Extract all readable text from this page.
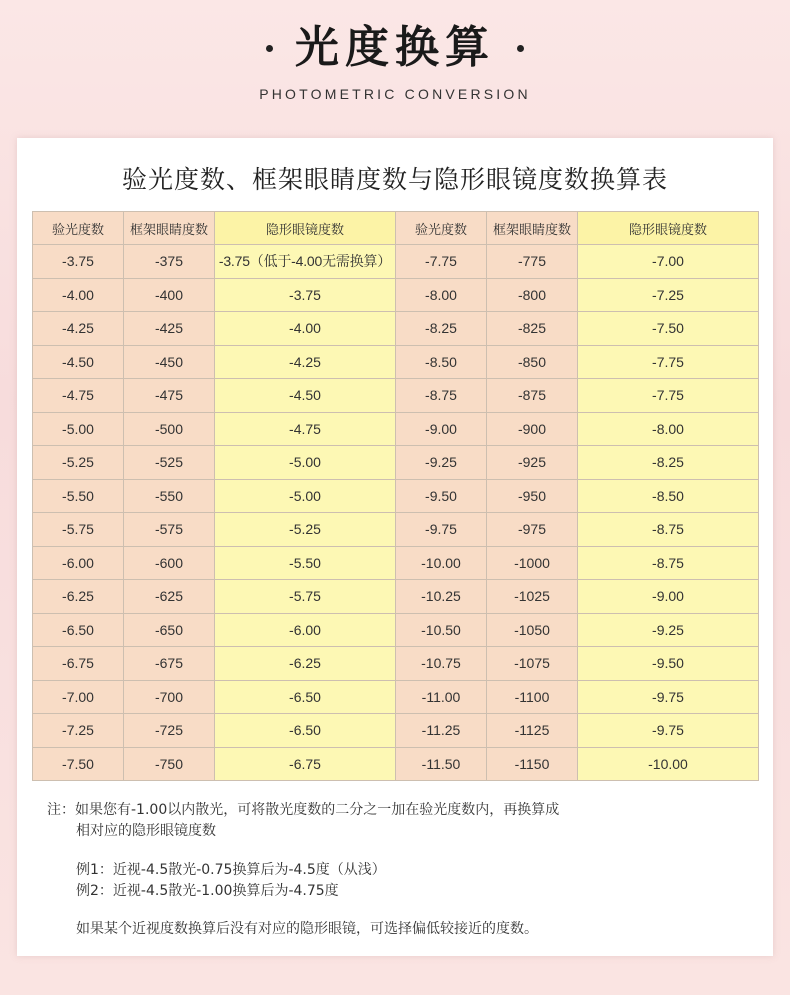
光度换算
PHOTOMETRIC CONVERSION
验光度数、框架眼睛度数与隐形眼镜度数换算表
验光度数	框架眼睛度数	隐形眼镜度数	验光度数	框架眼睛度数	隐形眼镜度数
-3.75	-375	-3.75（低于-4.00无需换算）	-7.75	-775	-7.00
-4.00	-400	-3.75	-8.00	-800	-7.25
-4.25	-425	-4.00	-8.25	-825	-7.50
-4.50	-450	-4.25	-8.50	-850	-7.75
-4.75	-475	-4.50	-8.75	-875	-7.75
-5.00	-500	-4.75	-9.00	-900	-8.00
-5.25	-525	-5.00	-9.25	-925	-8.25
-5.50	-550	-5.00	-9.50	-950	-8.50
-5.75	-575	-5.25	-9.75	-975	-8.75
-6.00	-600	-5.50	-10.00	-1000	-8.75
-6.25	-625	-5.75	-10.25	-1025	-9.00
-6.50	-650	-6.00	-10.50	-1050	-9.25
-6.75	-675	-6.25	-10.75	-1075	-9.50
-7.00	-700	-6.50	-11.00	-1100	-9.75
-7.25	-725	-6.50	-11.25	-1125	-9.75
-7.50	-750	-6.75	-11.50	-1150	-10.00
注：如果您有-1.00以内散光，可将散光度数的二分之一加在验光度数内，再换算成
相对应的隐形眼镜度数
例1：近视-4.5散光-0.75换算后为-4.5度（从浅）
例2：近视-4.5散光-1.00换算后为-4.75度
如果某个近视度数换算后没有对应的隐形眼镜，可选择偏低较接近的度数。
